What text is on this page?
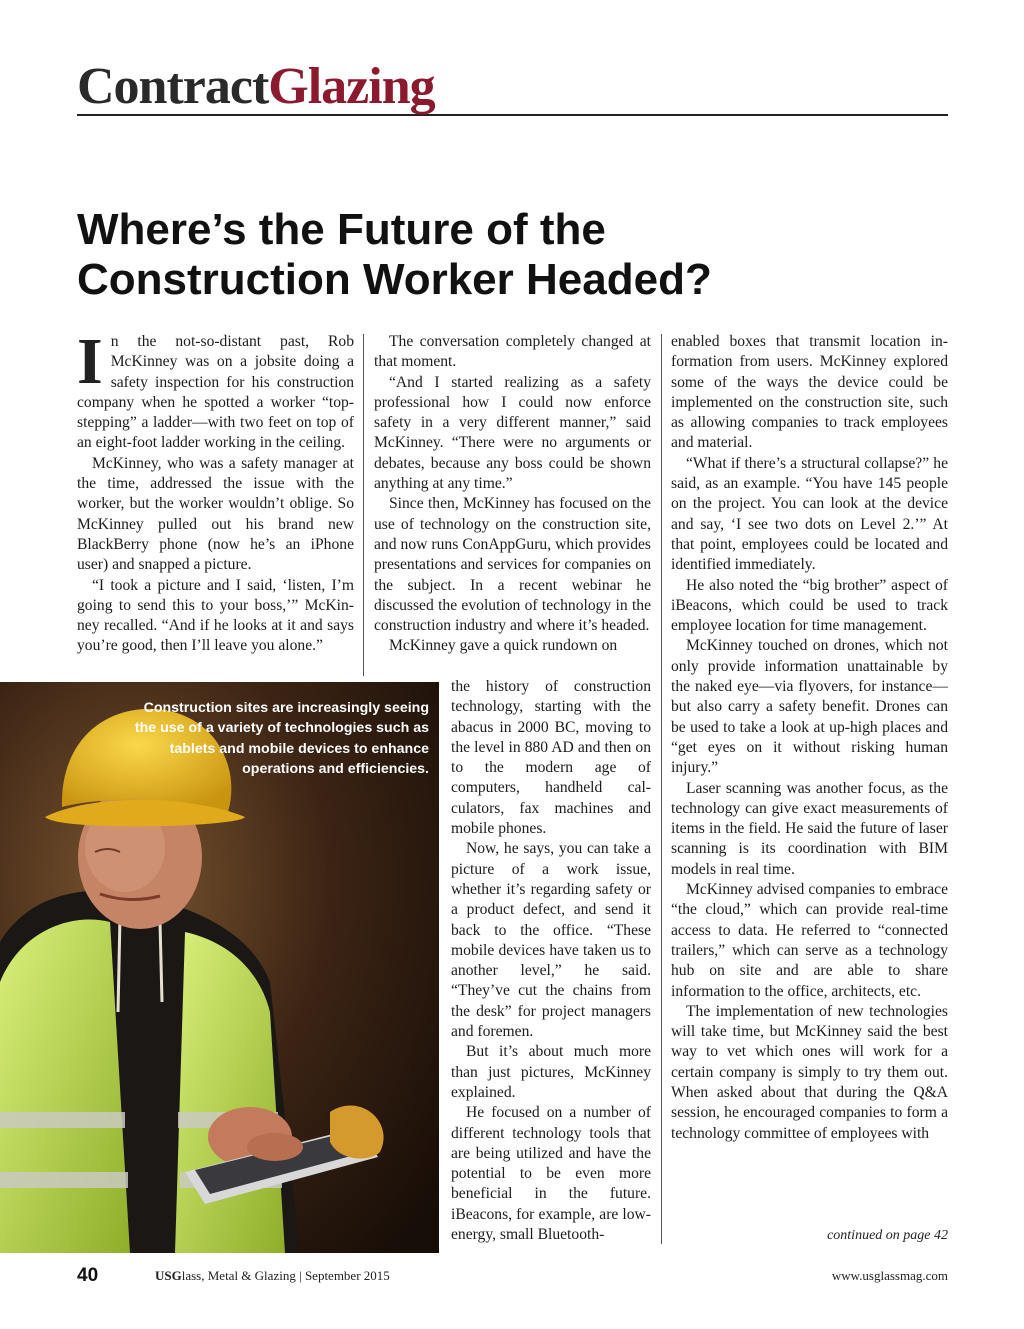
ContractGlazing
Where’s the Future of the Construction Worker Headed?

In the not-so-distant past, Rob McKinney was on a jobsite doing a safety inspection for his construction company when he spotted a worker “top-stepping” a ladder—with two feet on top of an eight-foot ladder working in the ceiling.

McKinney, who was a safety manager at the time, addressed the issue with the worker, but the worker wouldn’t oblige. So McKinney pulled out his brand new BlackBerry phone (now he’s an iPhone user) and snapped a picture.

“I took a picture and I said, ‘listen, I’m going to send this to your boss,’” McKinney recalled. “And if he looks at it and says you’re good, then I’ll leave you alone.”

The conversation completely changed at that moment.

“And I started realizing as a safety professional how I could now enforce safety in a very different manner,” said McKinney. “There were no arguments or debates, because any boss could be shown anything at any time.”

Since then, McKinney has focused on the use of technology on the construction site, and now runs ConAppGuru, which provides presentations and services for companies on the subject. In a recent webinar he discussed the evolution of technology in the construction industry and where it’s headed.

McKinney gave a quick rundown on

the history of construction technology, starting with the abacus in 2000 BC, moving to the level in 880 AD and then on to the modern age of computers, handheld calculators, fax machines and mobile phones.

Now, he says, you can take a picture of a work issue, whether it’s regarding safety or a product defect, and send it back to the office. “These mobile devices have taken us to another level,” he said. “They’ve cut the chains from the desk” for project managers and foremen.

But it’s about much more than just pictures, McKinney explained.

He focused on a number of different technology tools that are being utilized and have the potential to be even more beneficial in the future. iBeacons, for example, are low-energy, small Bluetooth-

enabled boxes that transmit location information from users. McKinney explored some of the ways the device could be implemented on the construction site, such as allowing companies to track employees and material.

“What if there’s a structural collapse?” he said, as an example. “You have 145 people on the project. You can look at the device and say, ‘I see two dots on Level 2.’” At that point, employees could be located and identified immediately.

He also noted the “big brother” aspect of iBeacons, which could be used to track employee location for time management.

McKinney touched on drones, which not only provide information unattainable by the naked eye—via flyovers, for instance—but also carry a safety benefit. Drones can be used to take a look at up-high places and “get eyes on it without risking human injury.”

Laser scanning was another focus, as the technology can give exact measurements of items in the field. He said the future of laser scanning is its coordination with BIM models in real time.

McKinney advised companies to embrace “the cloud,” which can provide real-time access to data. He referred to “connected trailers,” which can serve as a technology hub on site and are able to share information to the office, architects, etc.

The implementation of new technologies will take time, but McKinney said the best way to vet which ones will work for a certain company is simply to try them out. When asked about that during the Q&A session, he encouraged companies to form a technology committee of employees with

Construction sites are increasingly seeing the use of a variety of technologies such as tablets and mobile devices to enhance operations and efficiencies.
continued on page 42
40	USGlass, Metal & Glazing | September 2015	www.usglassmag.com
